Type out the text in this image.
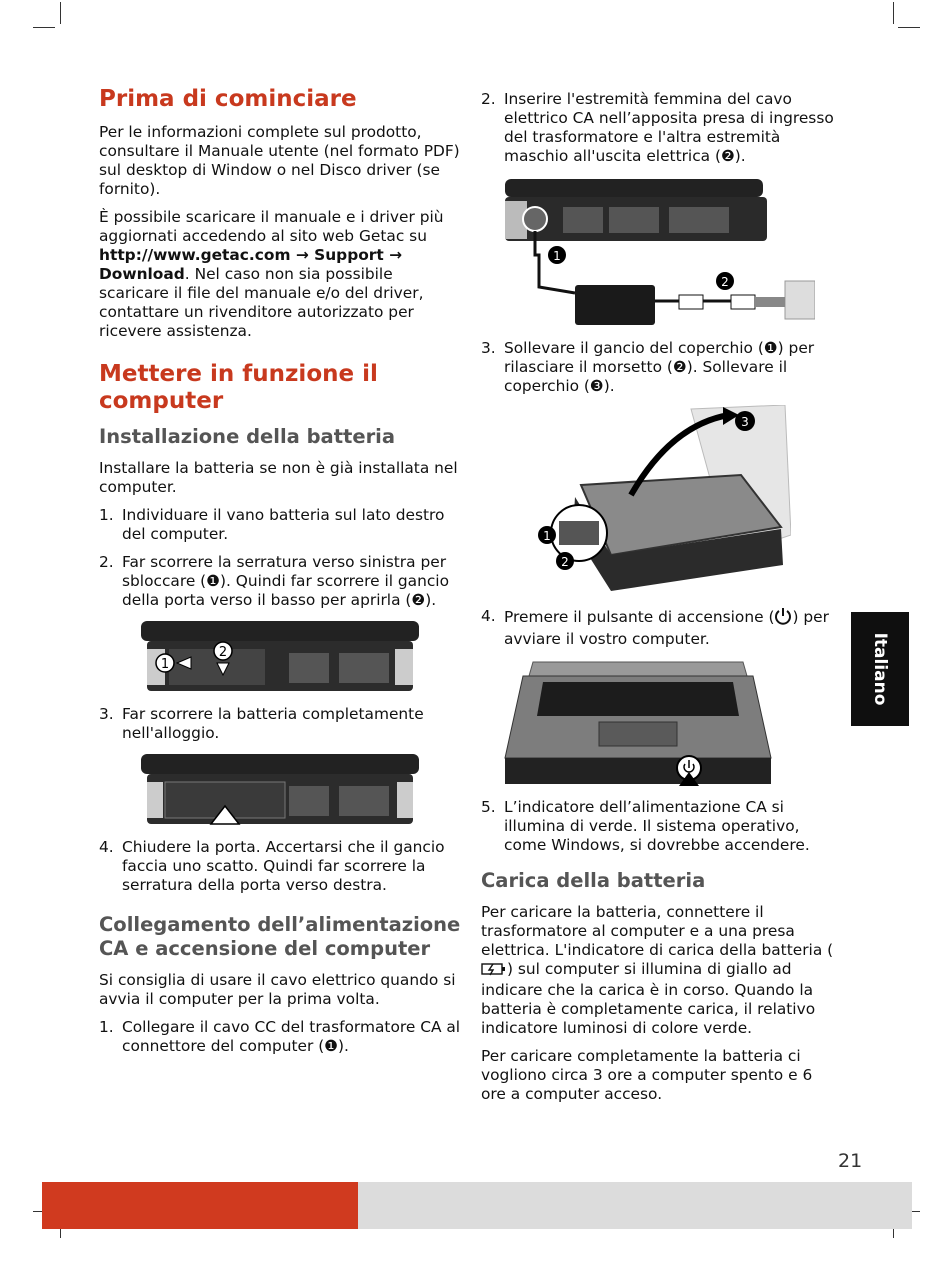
Prima di cominciare

Per le informazioni complete sul prodotto, consultare il Manuale utente (nel formato PDF) sul desktop di Window o nel Disco driver (se fornito).

È possibile scaricare il manuale e i driver più aggiornati accedendo al sito web Getac su http://www.getac.com → Support → Download. Nel caso non sia possibile scaricare il file del manuale e/o del driver, contattare un rivenditore autorizzato per ricevere assistenza.

Mettere in funzione il computer
Installazione della batteria

Installare la batteria se non è già installata nel computer.

1. Individuare il vano batteria sul lato destro del computer.
2. Far scorrere la serratura verso sinistra per sbloccare (❶). Quindi far scorrere il gancio della porta verso il basso per aprirla (❷).
1
2
3. Far scorrere la batteria completamente nell'alloggio.
4. Chiudere la porta. Accertarsi che il gancio faccia uno scatto. Quindi far scorrere la serratura della porta verso destra.
Collegamento dell’alimentazione CA e accensione del computer

Si consiglia di usare il cavo elettrico quando si avvia il computer per la prima volta.

1. Collegare il cavo CC del trasformatore CA al connettore del computer (❶).
2. Inserire l'estremità femmina del cavo elettrico CA nell’apposita presa di ingresso del trasformatore e l'altra estremità maschio all'uscita elettrica (❷).
1
2
3. Sollevare il gancio del coperchio (❶) per rilasciare il morsetto (❷). Sollevare il coperchio (❸).
3
1
2
4. Premere il pulsante di accensione ( ) per avviare il vostro computer.
5. L’indicatore dell’alimentazione CA si illumina di verde. Il sistema operativo, come Windows, si dovrebbe accendere.
Carica della batteria

Per caricare la batteria, connettere il trasformatore al computer e a una presa elettrica. L'indicatore di carica della batteria () sul computer si illumina di giallo ad indicare che la carica è in corso. Quando la batteria è completamente carica, il relativo indicatore luminosi di colore verde.

Per caricare completamente la batteria ci vogliono circa 3 ore a computer spento e 6 ore a computer acceso.

Italiano
21
